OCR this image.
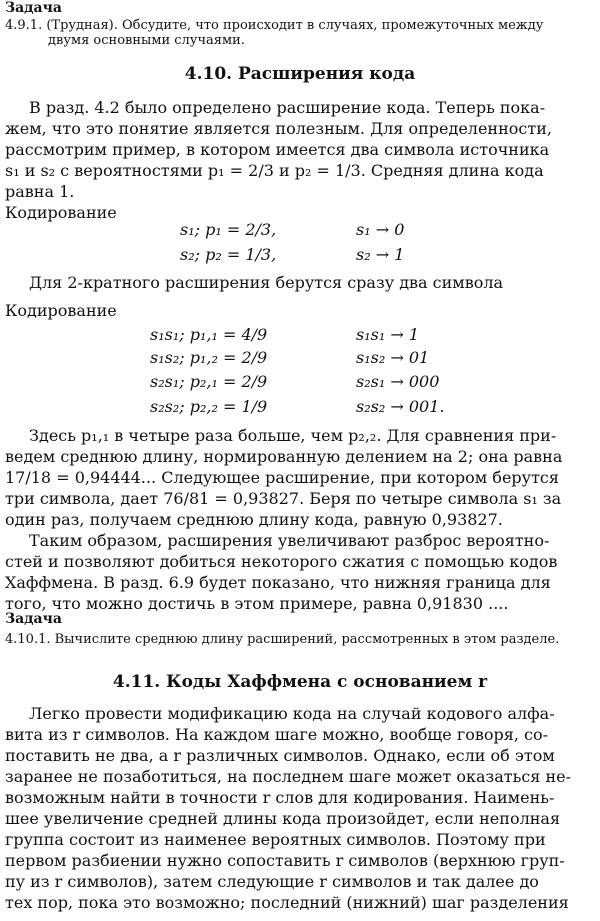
Задача
4.9.1. (Трудная). Обсудите, что происходит в случаях, промежуточных между
двумя основными случаями.
4.10. Расширения кода
В разд. 4.2 было определено расширение кода. Теперь пока-
жем, что это понятие является полезным. Для определенности,
рассмотрим пример, в котором имеется два символа источника
s₁ и s₂ с вероятностями p₁ = 2/3 и p₂ = 1/3. Средняя длина кода
равна 1.
Кодирование
s₁; p₁ = 2/3,	s₁ → 0
s₂; p₂ = 1/3,	s₂ → 1
Для 2-кратного расширения берутся сразу два символа
Кодирование
s₁s₁; p₁,₁ = 4/9	s₁s₁ → 1
s₁s₂; p₁,₂ = 2/9	s₁s₂ → 01
s₂s₁; p₂,₁ = 2/9	s₂s₁ → 000
s₂s₂; p₂,₂ = 1/9	s₂s₂ → 001.
Здесь p₁,₁ в четыре раза больше, чем p₂,₂. Для сравнения при-
ведем среднюю длину, нормированную делением на 2; она равна
17/18 = 0,94444... Следующее расширение, при котором берутся
три символа, дает 76/81 = 0,93827. Беря по четыре символа s₁ за
один раз, получаем среднюю длину кода, равную 0,93827.
Таким образом, расширения увеличивают разброс вероятно-
стей и позволяют добиться некоторого сжатия с помощью кодов
Хаффмена. В разд. 6.9 будет показано, что нижняя граница для
того, что можно достичь в этом примере, равна 0,91830 ....
Задача
4.10.1. Вычислите среднюю длину расширений, рассмотренных в этом разделе.
4.11. Коды Хаффмена с основанием r
Легко провести модификацию кода на случай кодового алфа-
вита из r символов. На каждом шаге можно, вообще говоря, со-
поставить не два, а r различных символов. Однако, если об этом
заранее не позаботиться, на последнем шаге может оказаться не-
возможным найти в точности r слов для кодирования. Наимень-
шее увеличение средней длины кода произойдет, если неполная
группа состоит из наименее вероятных символов. Поэтому при
первом разбиении нужно сопоставить r символов (верхнюю груп-
пу из r символов), затем следующие r символов и так далее до
тех пор, пока это возможно; последний (нижний) шаг разделения
